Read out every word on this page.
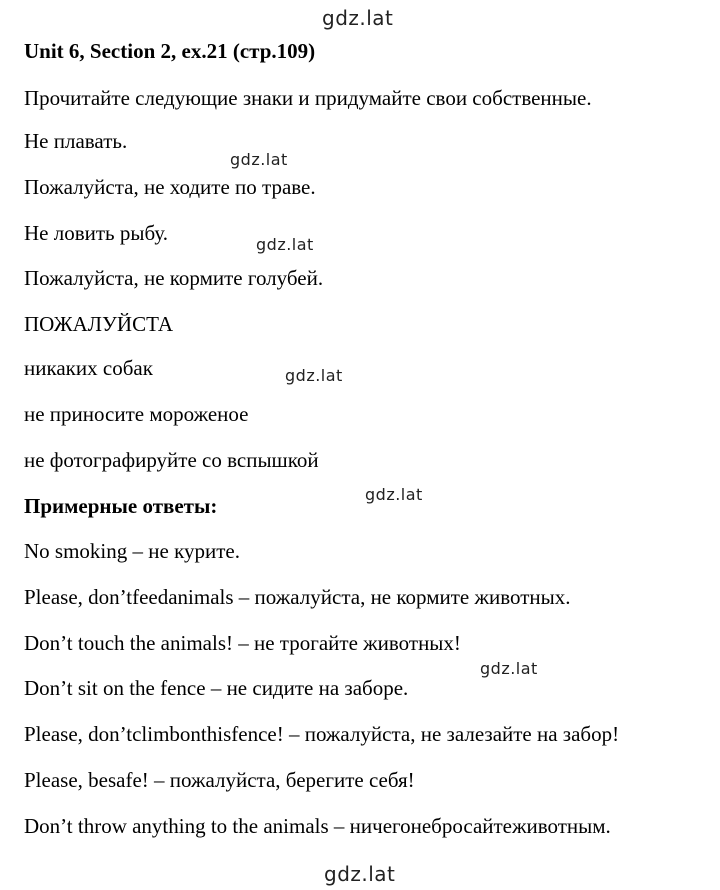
gdz.lat
Unit 6, Section 2, ex.21 (стр.109)
Прочитайте следующие знаки и придумайте свои собственные.
Не плавать.
gdz.lat
Пожалуйста, не ходите по траве.
Не ловить рыбу.	gdz.lat
Пожалуйста, не кормите голубей.
ПОЖАЛУЙСТА
никаких собак	gdz.lat
не приносите мороженое
не фотографируйте со вспышкой
Примерные ответы:	gdz.lat
No smoking – не курите.
Please, don’tfeedanimals – пожалуйста, не кормите животных.
Don’t touch the animals! – не трогайте животных!
gdz.lat
Don’t sit on the fence – не сидите на заборе.
Please, don’tclimbonthisfence! – пожалуйста, не залезайте на забор!
Please, besafe! – пожалуйста, берегите себя!
Don’t throw anything to the animals – ничегонебросайтеживотным.
gdz.lat
